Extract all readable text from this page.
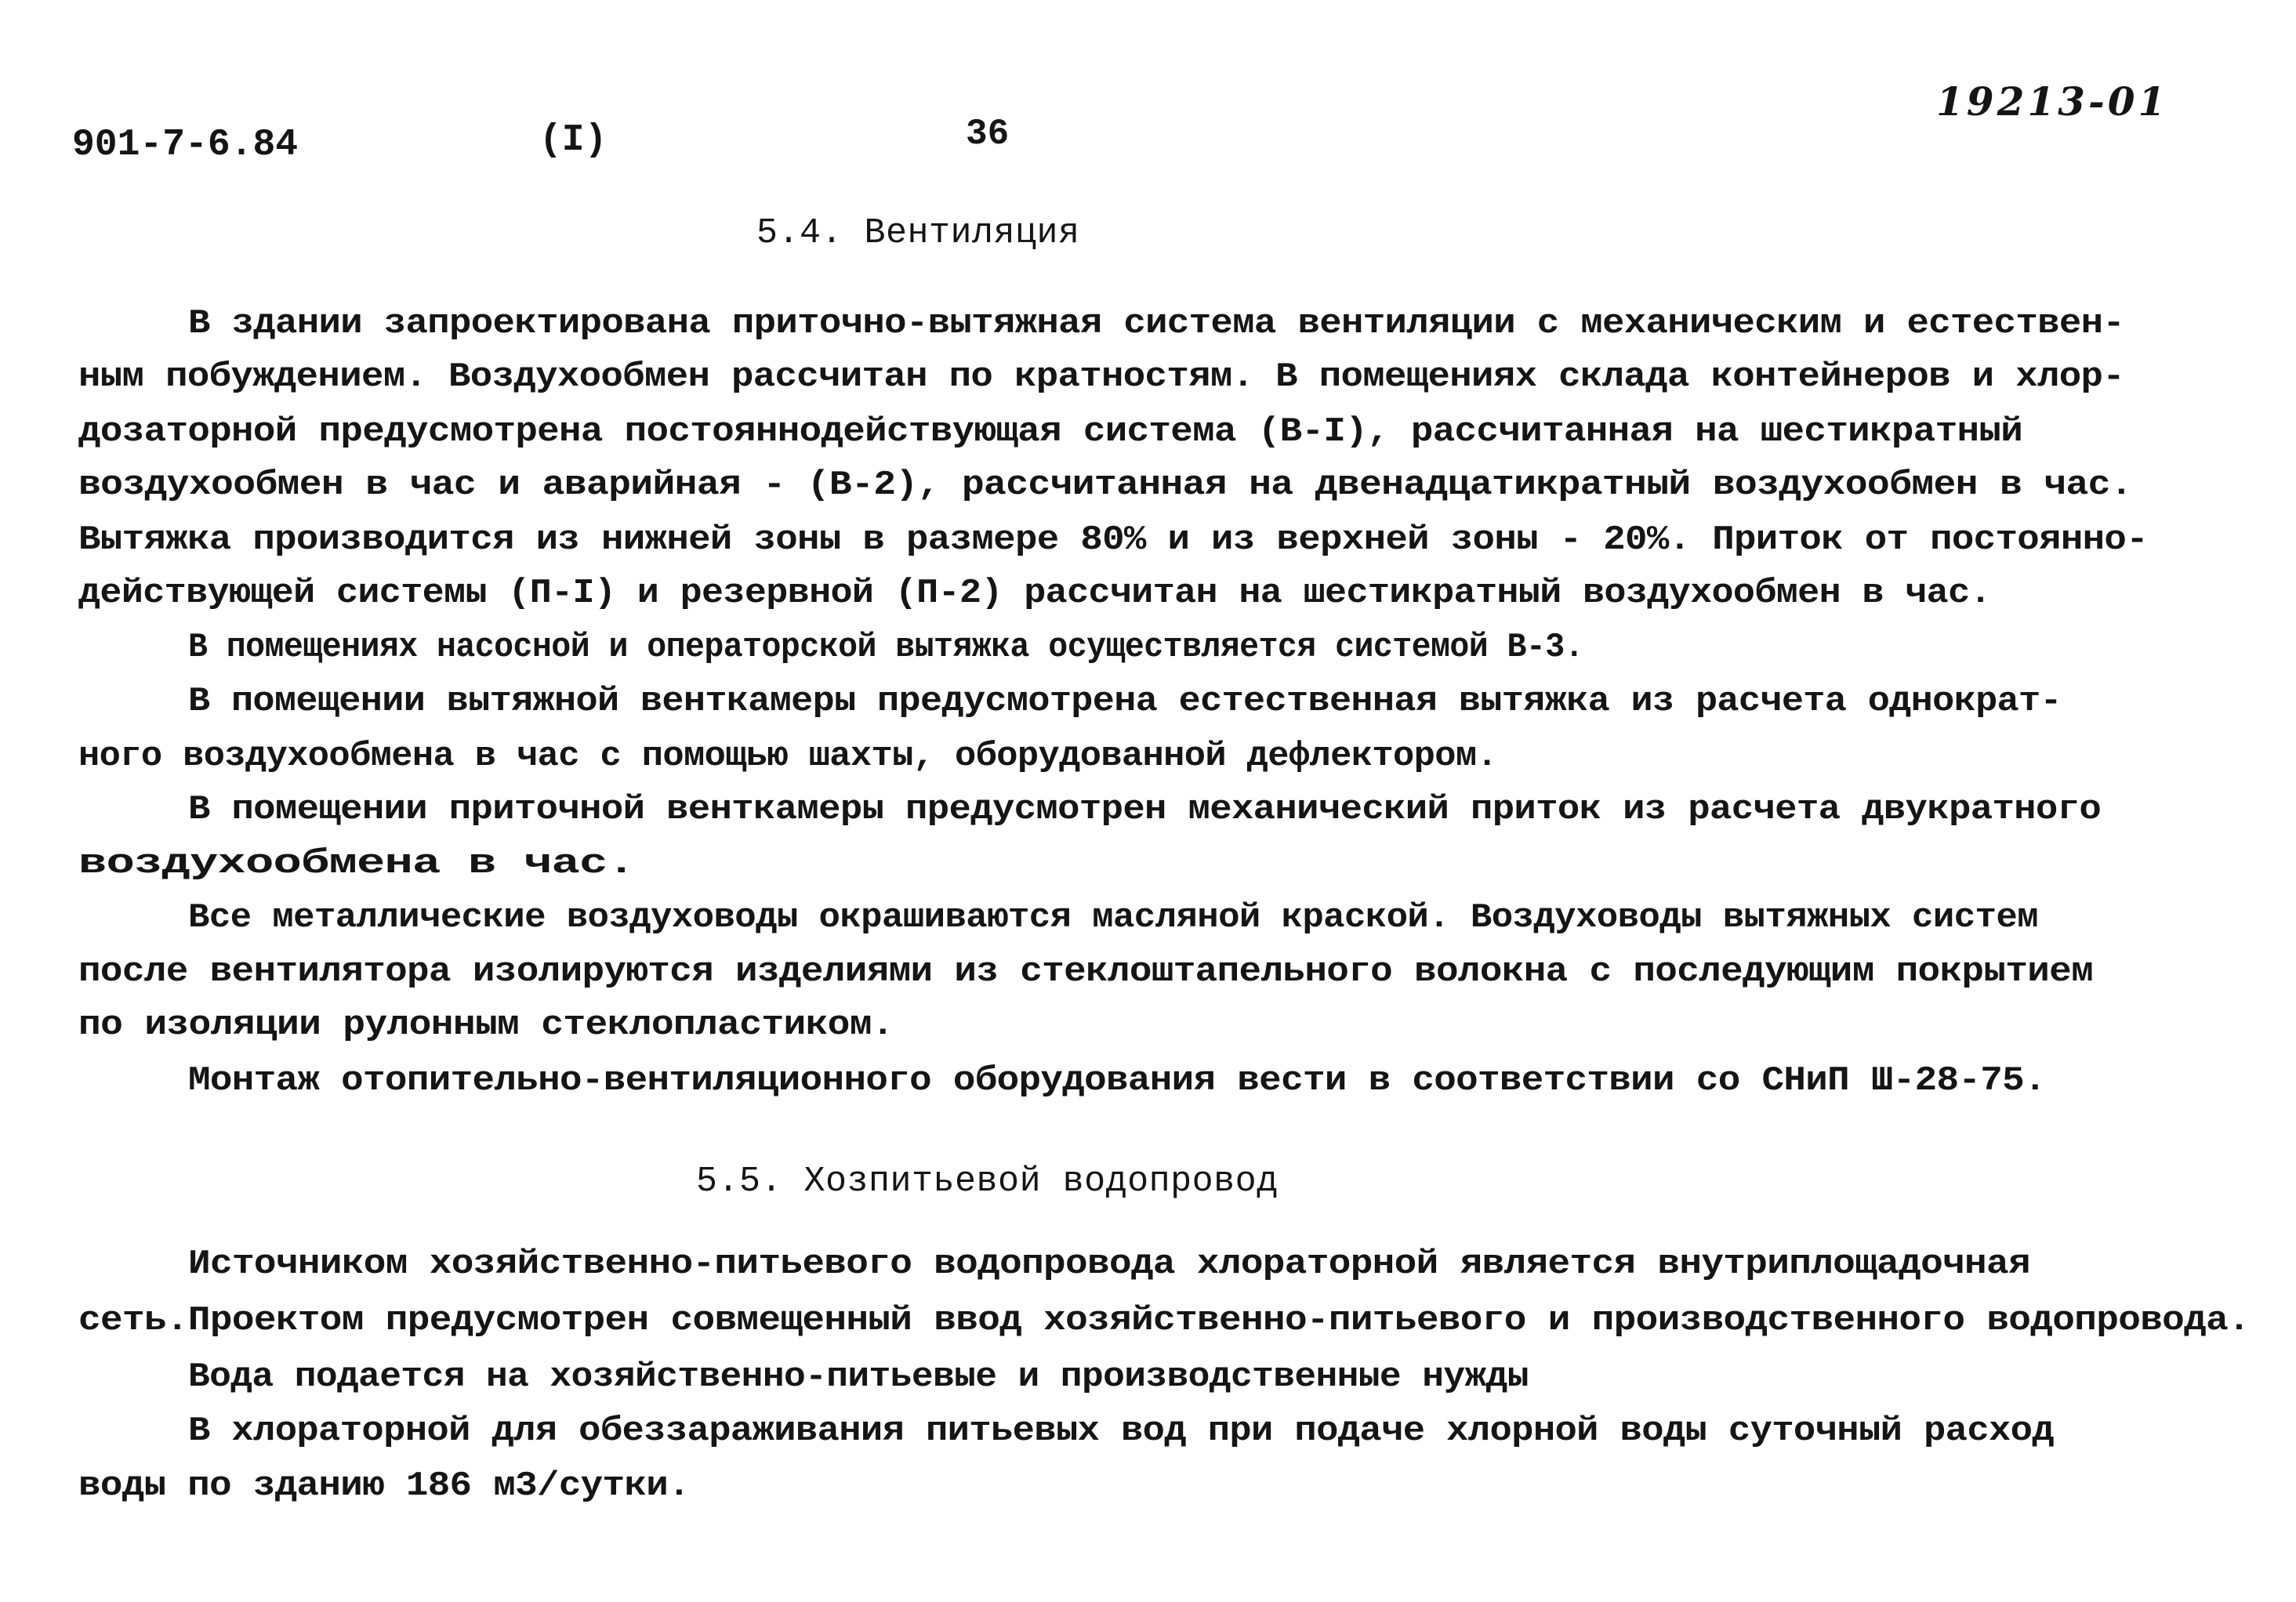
901-7-6.84	(I)	36
19213-01
5.4. Вентиляция
В здании запроектирована приточно-вытяжная система вентиляции с механическим и естествен-
ным побуждением. Воздухообмен рассчитан по кратностям. В помещениях склада контейнеров и хлор-
дозаторной предусмотрена постояннодействующая система (В-I), рассчитанная на шестикратный
воздухообмен в час и аварийная - (В-2), рассчитанная на двенадцатикратный воздухообмен в час.
Вытяжка производится из нижней зоны в размере 80% и из верхней зоны - 20%. Приток от постоянно-
действующей системы (П-I) и резервной (П-2) рассчитан на шестикратный воздухообмен в час.
В помещениях насосной и операторской вытяжка осуществляется системой В-3.
В помещении вытяжной венткамеры предусмотрена естественная вытяжка из расчета однократ-
ного воздухообмена в час с помощью шахты, оборудованной дефлектором.
В помещении приточной венткамеры предусмотрен механический приток из расчета двукратного
воздухообмена в час.
Все металлические воздуховоды окрашиваются масляной краской. Воздуховоды вытяжных систем
после вентилятора изолируются изделиями из стеклоштапельного волокна с последующим покрытием
по изоляции рулонным стеклопластиком.
Монтаж отопительно-вентиляционного оборудования вести в соответствии со СНиП Ш-28-75.
5.5. Хозпитьевой водопровод
Источником хозяйственно-питьевого водопровода хлораторной является внутриплощадочная
сеть.Проектом предусмотрен совмещенный ввод хозяйственно-питьевого и производственного водопровода.
Вода подается на хозяйственно-питьевые и производственные нужды
В хлораторной для обеззараживания питьевых вод при подаче хлорной воды суточный расход
воды по зданию 186 м3/сутки.
